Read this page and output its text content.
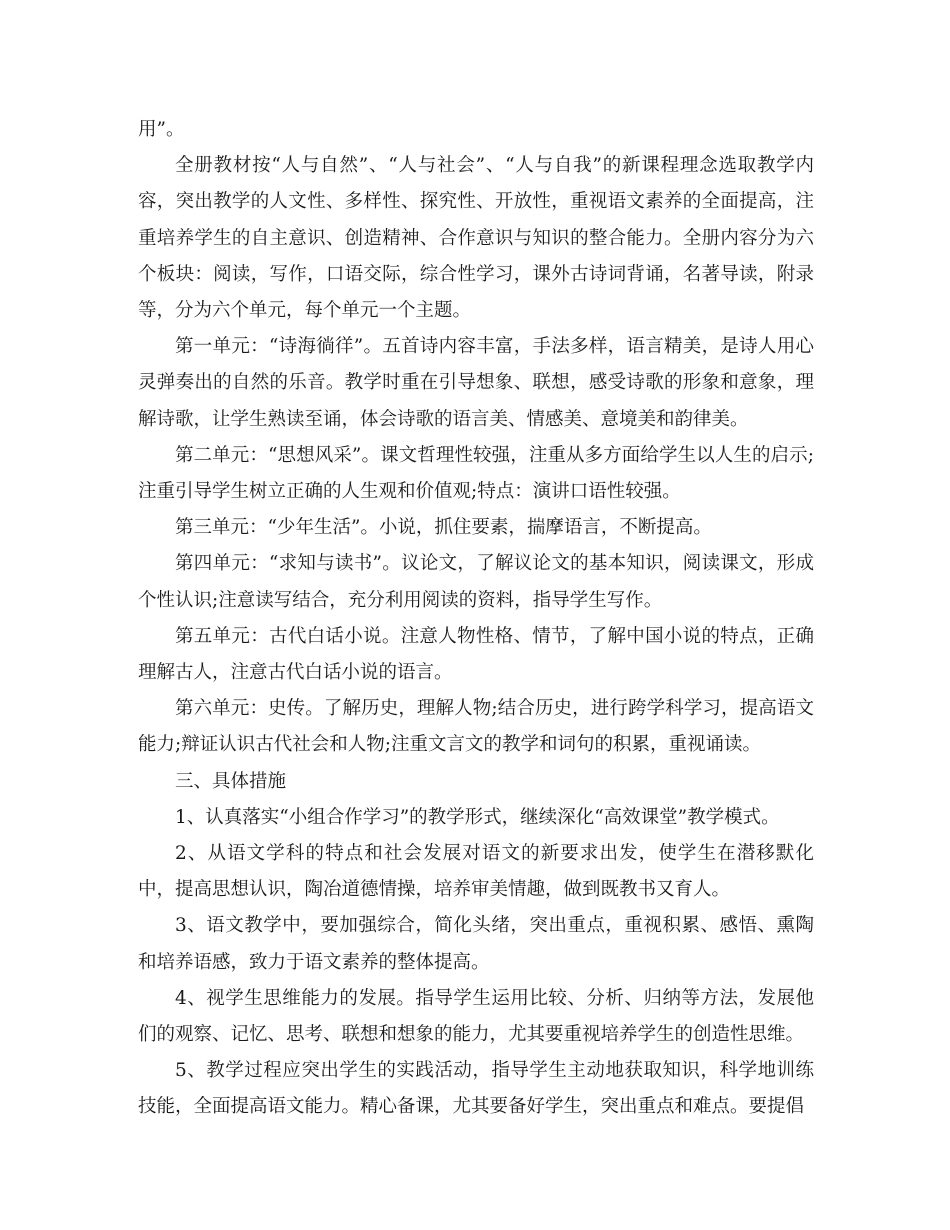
用”。

全册教材按“人与自然”、“人与社会”、“人与自我”的新课程理念选取教学内容，突出教学的人文性、多样性、探究性、开放性，重视语文素养的全面提高，注重培养学生的自主意识、创造精神、合作意识与知识的整合能力。全册内容分为六个板块：阅读，写作，口语交际，综合性学习，课外古诗词背诵，名著导读，附录等，分为六个单元，每个单元一个主题。

第一单元：“诗海徜徉”。五首诗内容丰富，手法多样，语言精美，是诗人用心灵弹奏出的自然的乐音。教学时重在引导想象、联想，感受诗歌的形象和意象，理解诗歌，让学生熟读至诵，体会诗歌的语言美、情感美、意境美和韵律美。

第二单元：“思想风采”。课文哲理性较强，注重从多方面给学生以人生的启示;注重引导学生树立正确的人生观和价值观;特点：演讲口语性较强。

第三单元：“少年生活”。小说，抓住要素，揣摩语言，不断提高。

第四单元：“求知与读书”。议论文，了解议论文的基本知识，阅读课文，形成个性认识;注意读写结合，充分利用阅读的资料，指导学生写作。

第五单元：古代白话小说。注意人物性格、情节，了解中国小说的特点，正确理解古人，注意古代白话小说的语言。

第六单元：史传。了解历史，理解人物;结合历史，进行跨学科学习，提高语文能力;辩证认识古代社会和人物;注重文言文的教学和词句的积累，重视诵读。

三、具体措施

1、认真落实“小组合作学习”的教学形式，继续深化“高效课堂”教学模式。

2、从语文学科的特点和社会发展对语文的新要求出发，使学生在潜移默化中，提高思想认识，陶冶道德情操，培养审美情趣，做到既教书又育人。

3、语文教学中，要加强综合，简化头绪，突出重点，重视积累、感悟、熏陶和培养语感，致力于语文素养的整体提高。

4、视学生思维能力的发展。指导学生运用比较、分析、归纳等方法，发展他们的观察、记忆、思考、联想和想象的能力，尤其要重视培养学生的创造性思维。

5、教学过程应突出学生的实践活动，指导学生主动地获取知识，科学地训练技能，全面提高语文能力。精心备课，尤其要备好学生，突出重点和难点。要提倡
